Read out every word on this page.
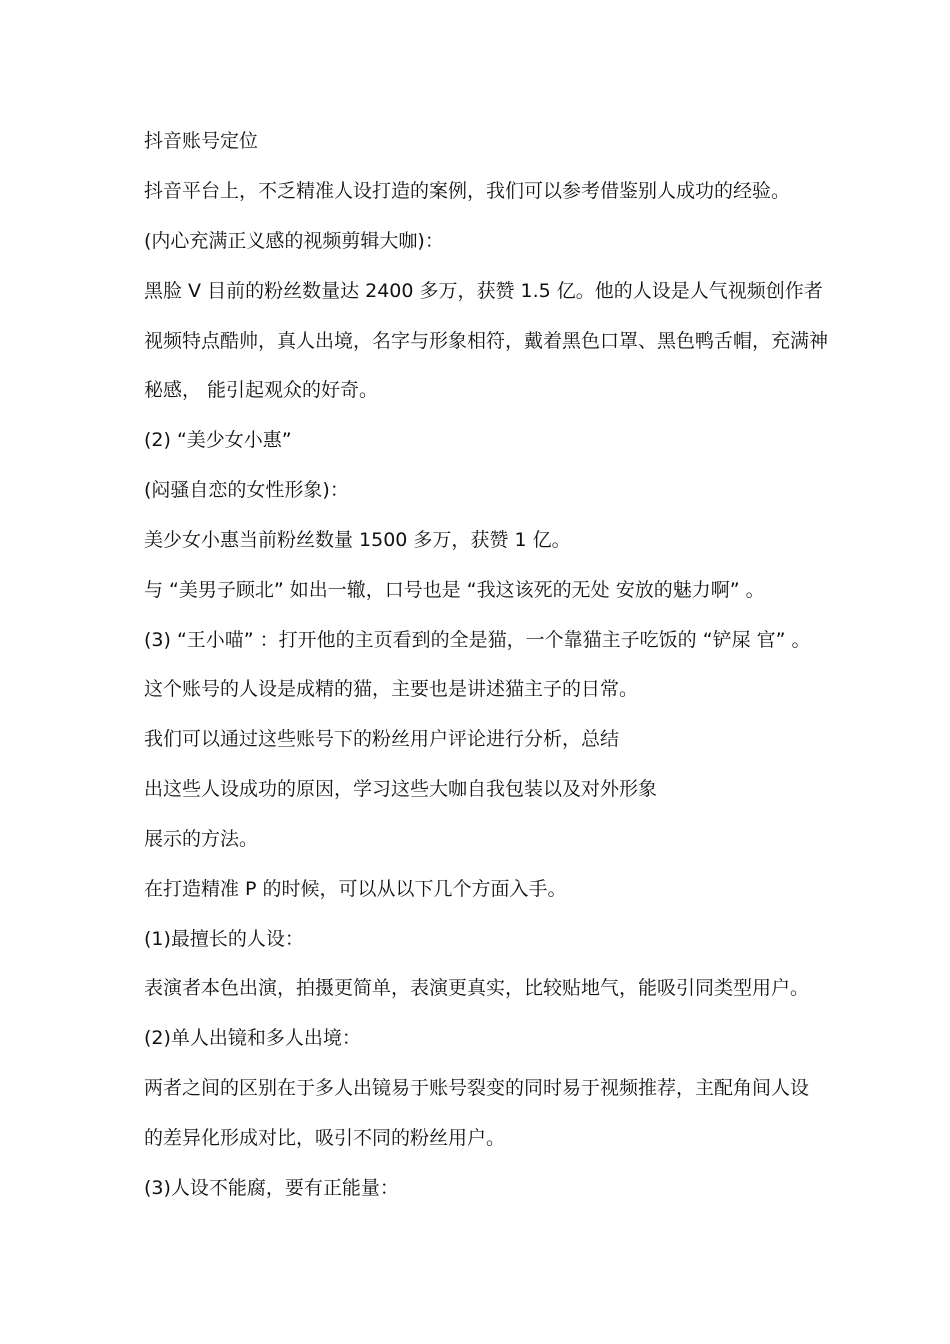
抖音账号定位
抖音平台上，不乏精准人设打造的案例，我们可以参考借鉴别人成功的经验。
(内心充满正义感的视频剪辑大咖)：
黑脸 V 目前的粉丝数量达 2400 多万，获赞 1.5 亿。他的人设是人气视频创作者
视频特点酷帅，真人出境，名字与形象相符，戴着黑色口罩、黑色鸭舌帽，充满神
秘感， 能引起观众的好奇。
(2) “美少女小惠”
(闷骚自恋的女性形象)：
美少女小惠当前粉丝数量 1500 多万，获赞 1 亿。
与 “美男子顾北” 如出一辙，口号也是 “我这该死的无处 安放的魅力啊” 。
(3) “王小喵” ：打开他的主页看到的全是猫，一个靠猫主子吃饭的 “铲屎 官” 。
这个账号的人设是成精的猫，主要也是讲述猫主子的日常。
我们可以通过这些账号下的粉丝用户评论进行分析，总结
出这些人设成功的原因，学习这些大咖自我包装以及对外形象
展示的方法。
在打造精准 P 的时候，可以从以下几个方面入手。
(1)最擅长的人设：
表演者本色出演，拍摄更简单，表演更真实，比较贴地气，能吸引同类型用户。
(2)单人出镜和多人出境：
两者之间的区别在于多人出镜易于账号裂变的同时易于视频推荐，主配角间人设
的差异化形成对比，吸引不同的粉丝用户。
(3)人设不能腐，要有正能量：
